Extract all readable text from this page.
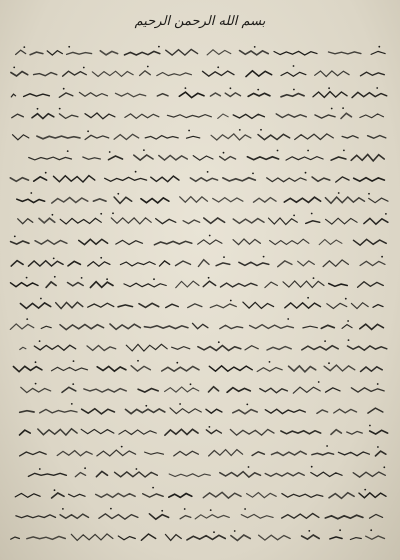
بسم الله الرحمن الرحيم
